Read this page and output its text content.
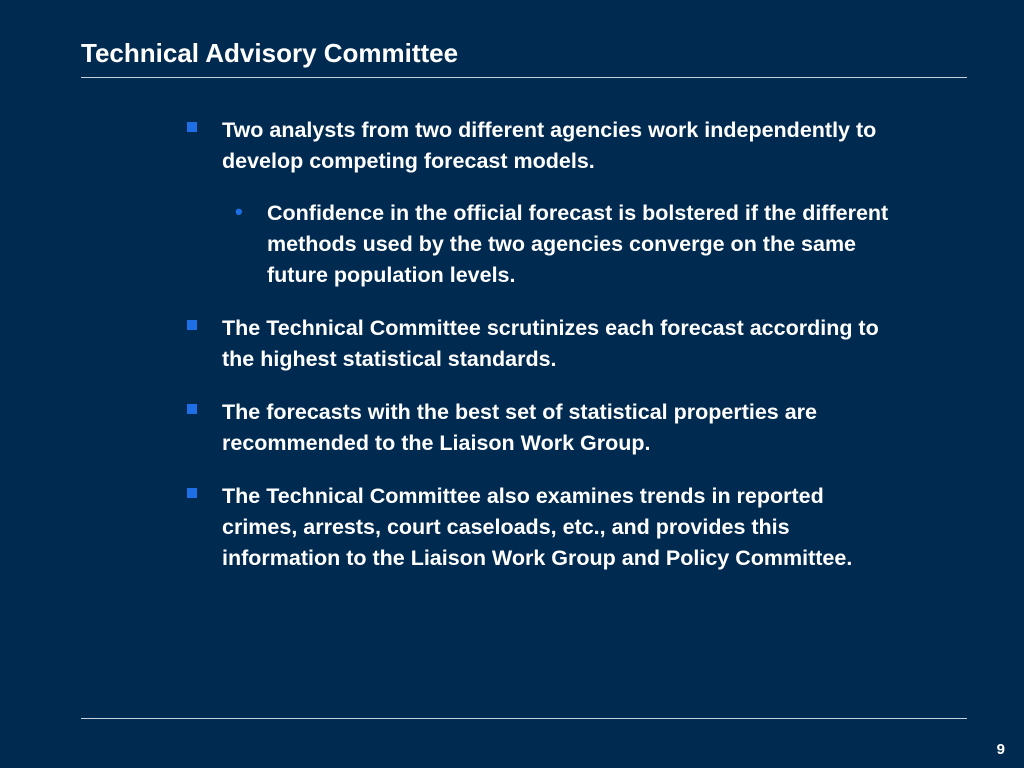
Technical Advisory Committee
Two analysts from two different agencies work independently to develop competing forecast models.
• Confidence in the official forecast is bolstered if the different methods used by the two agencies converge on the same future population levels.
The Technical Committee scrutinizes each forecast according to the highest statistical standards.
The forecasts with the best set of statistical properties are recommended to the Liaison Work Group.
The Technical Committee also examines trends in reported crimes, arrests, court caseloads, etc., and provides this information to the Liaison Work Group and Policy Committee.
9
